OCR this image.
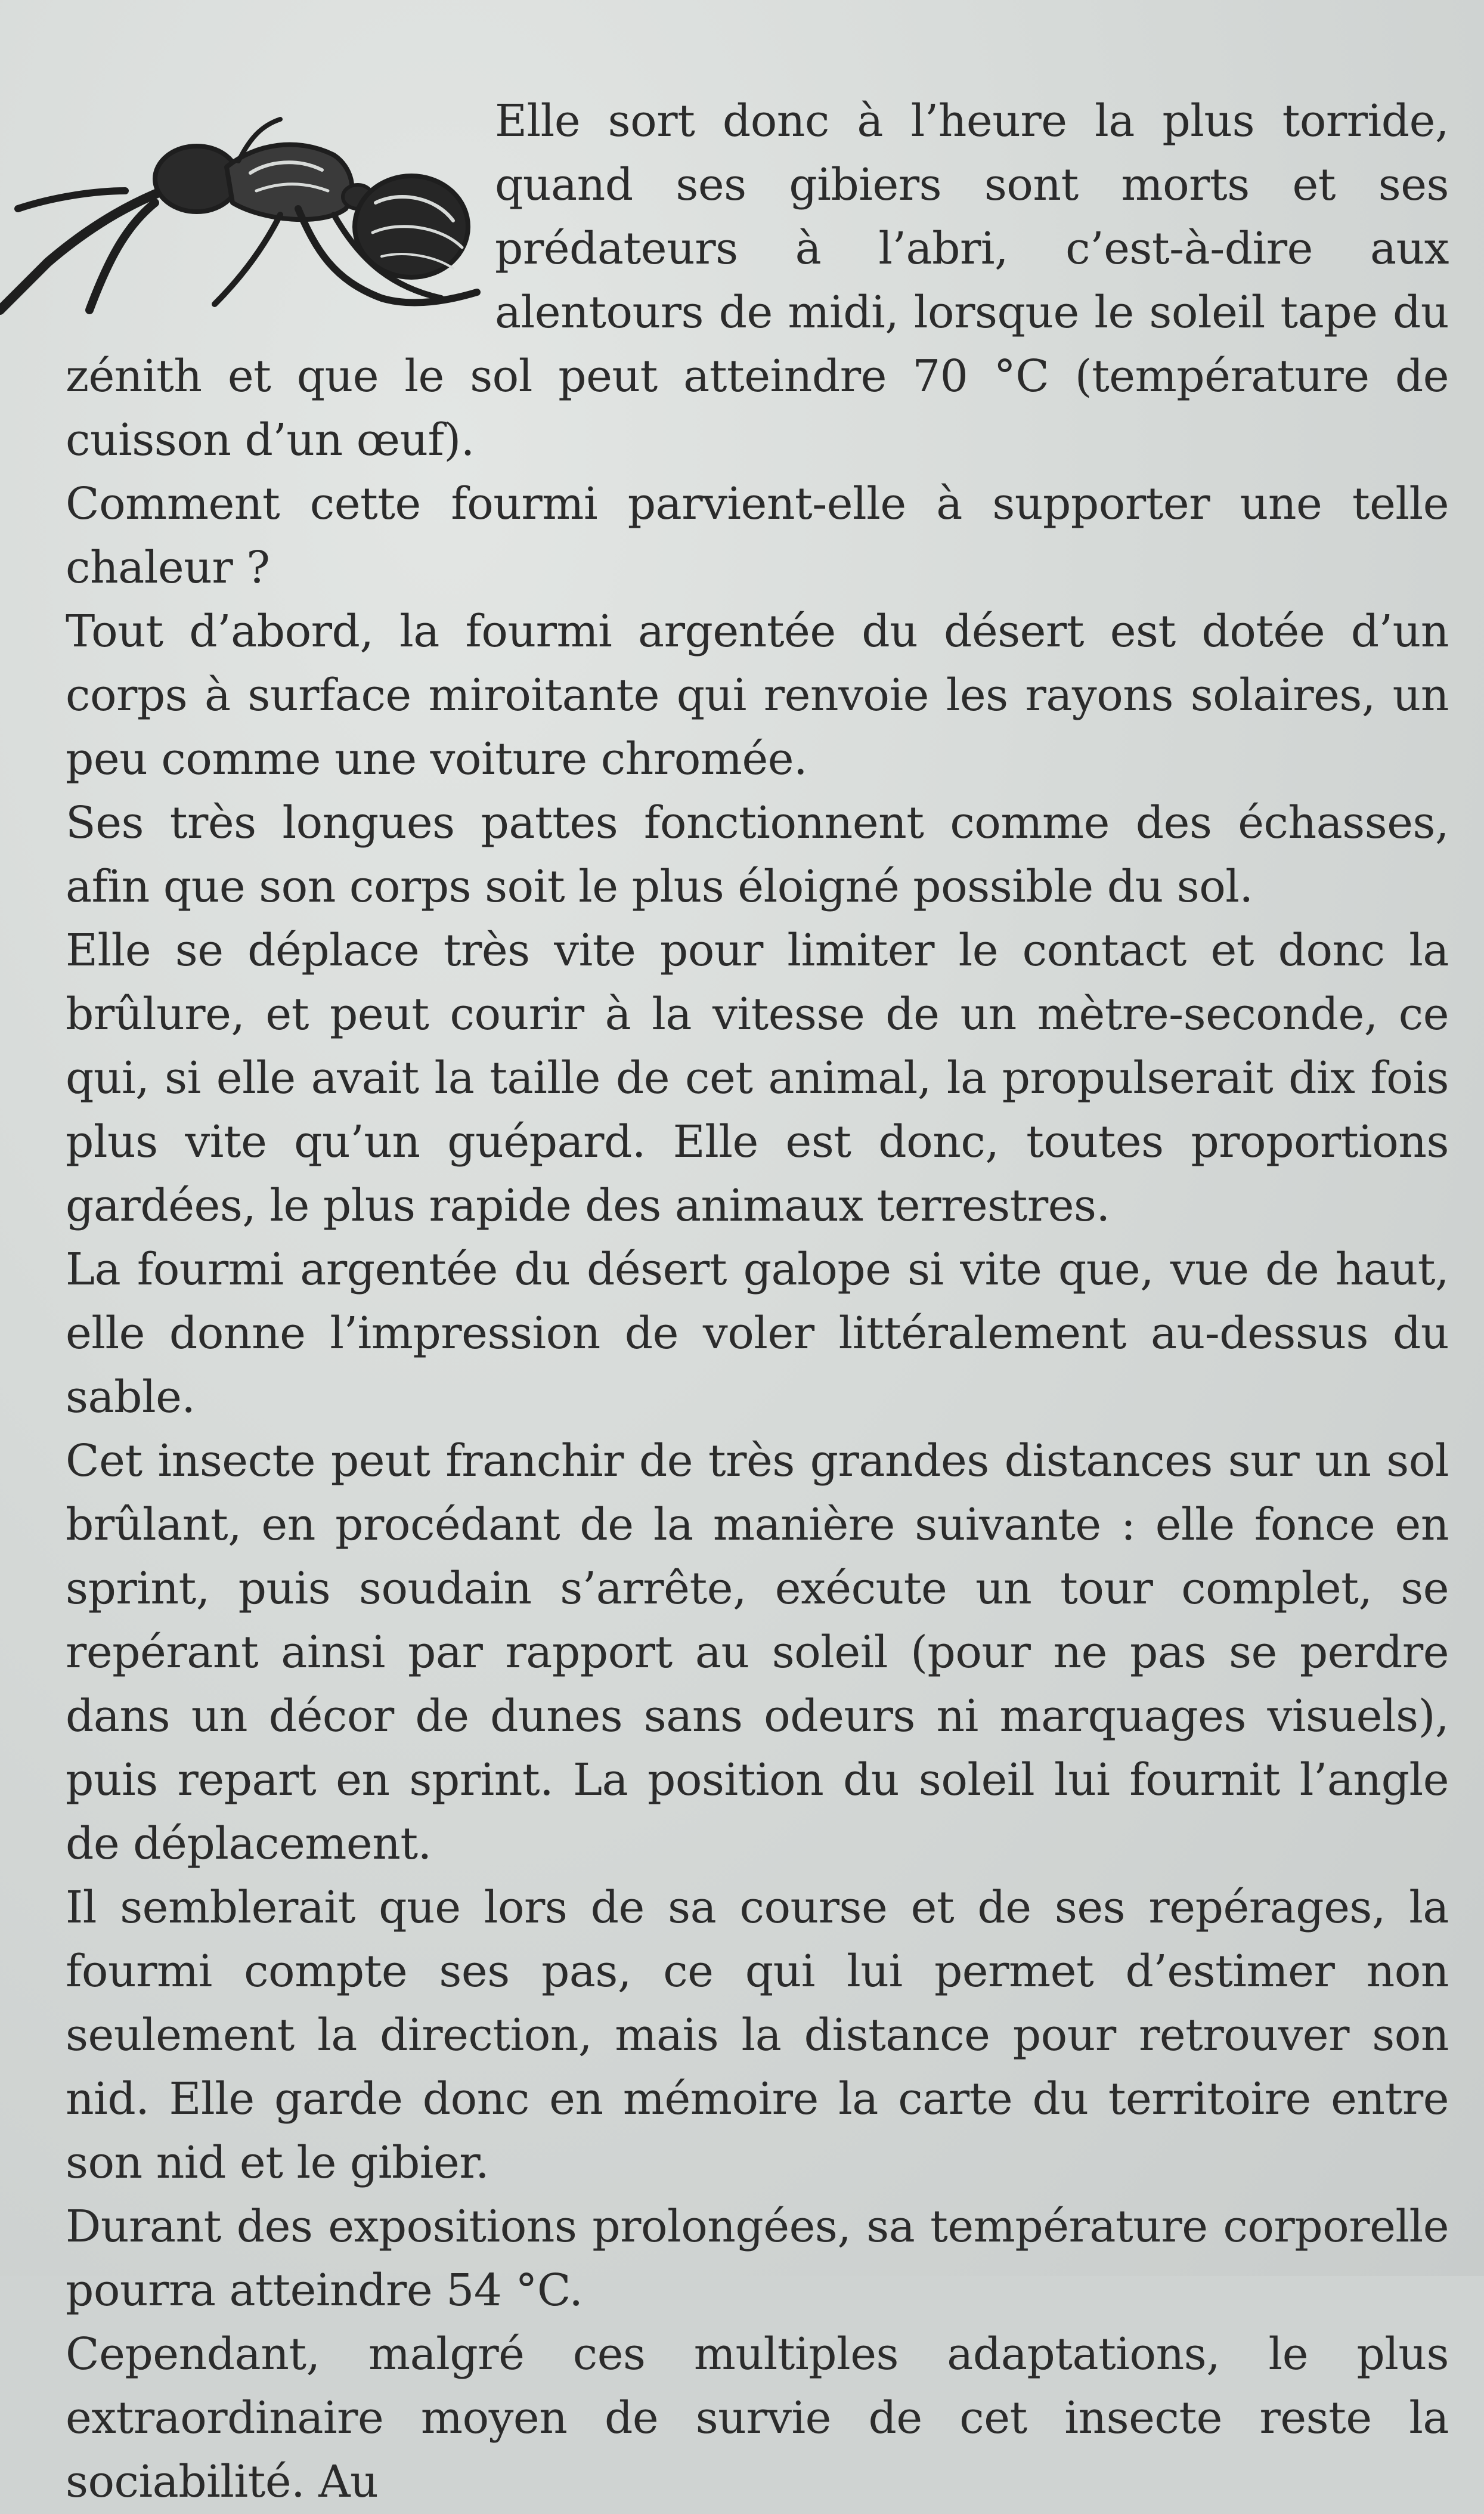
Elle sort donc à l’heure la plus torride, quand ses gibiers sont morts et ses prédateurs à l’abri, c’est-à-dire aux alentours de midi, lorsque le soleil tape du zénith et que le sol peut atteindre 70 °C (température de cuisson d’un œuf).

Comment cette fourmi parvient-elle à supporter une telle chaleur ?

Tout d’abord, la fourmi argentée du désert est dotée d’un corps à surface miroitante qui renvoie les rayons solaires, un peu comme une voiture chromée.

Ses très longues pattes fonctionnent comme des échasses, afin que son corps soit le plus éloigné possible du sol.

Elle se déplace très vite pour limiter le contact et donc la brûlure, et peut courir à la vitesse de un mètre-seconde, ce qui, si elle avait la taille de cet animal, la propulserait dix fois plus vite qu’un guépard. Elle est donc, toutes proportions gardées, le plus rapide des animaux terrestres.

La fourmi argentée du désert galope si vite que, vue de haut, elle donne l’impression de voler littéralement au-dessus du sable.

Cet insecte peut franchir de très grandes distances sur un sol brûlant, en procédant de la manière suivante : elle fonce en sprint, puis soudain s’arrête, exécute un tour complet, se repérant ainsi par rapport au soleil (pour ne pas se perdre dans un décor de dunes sans odeurs ni marquages visuels), puis repart en sprint. La position du soleil lui fournit l’angle de déplacement.

Il semblerait que lors de sa course et de ses repérages, la fourmi compte ses pas, ce qui lui permet d’estimer non seulement la direction, mais la distance pour retrouver son nid. Elle garde donc en mémoire la carte du territoire entre son nid et le gibier.

Durant des expositions prolongées, sa température corporelle pourra atteindre 54 °C.

Cependant, malgré ces multiples adaptations, le plus extraordinaire moyen de survie de cet insecte reste la sociabilité. Au
